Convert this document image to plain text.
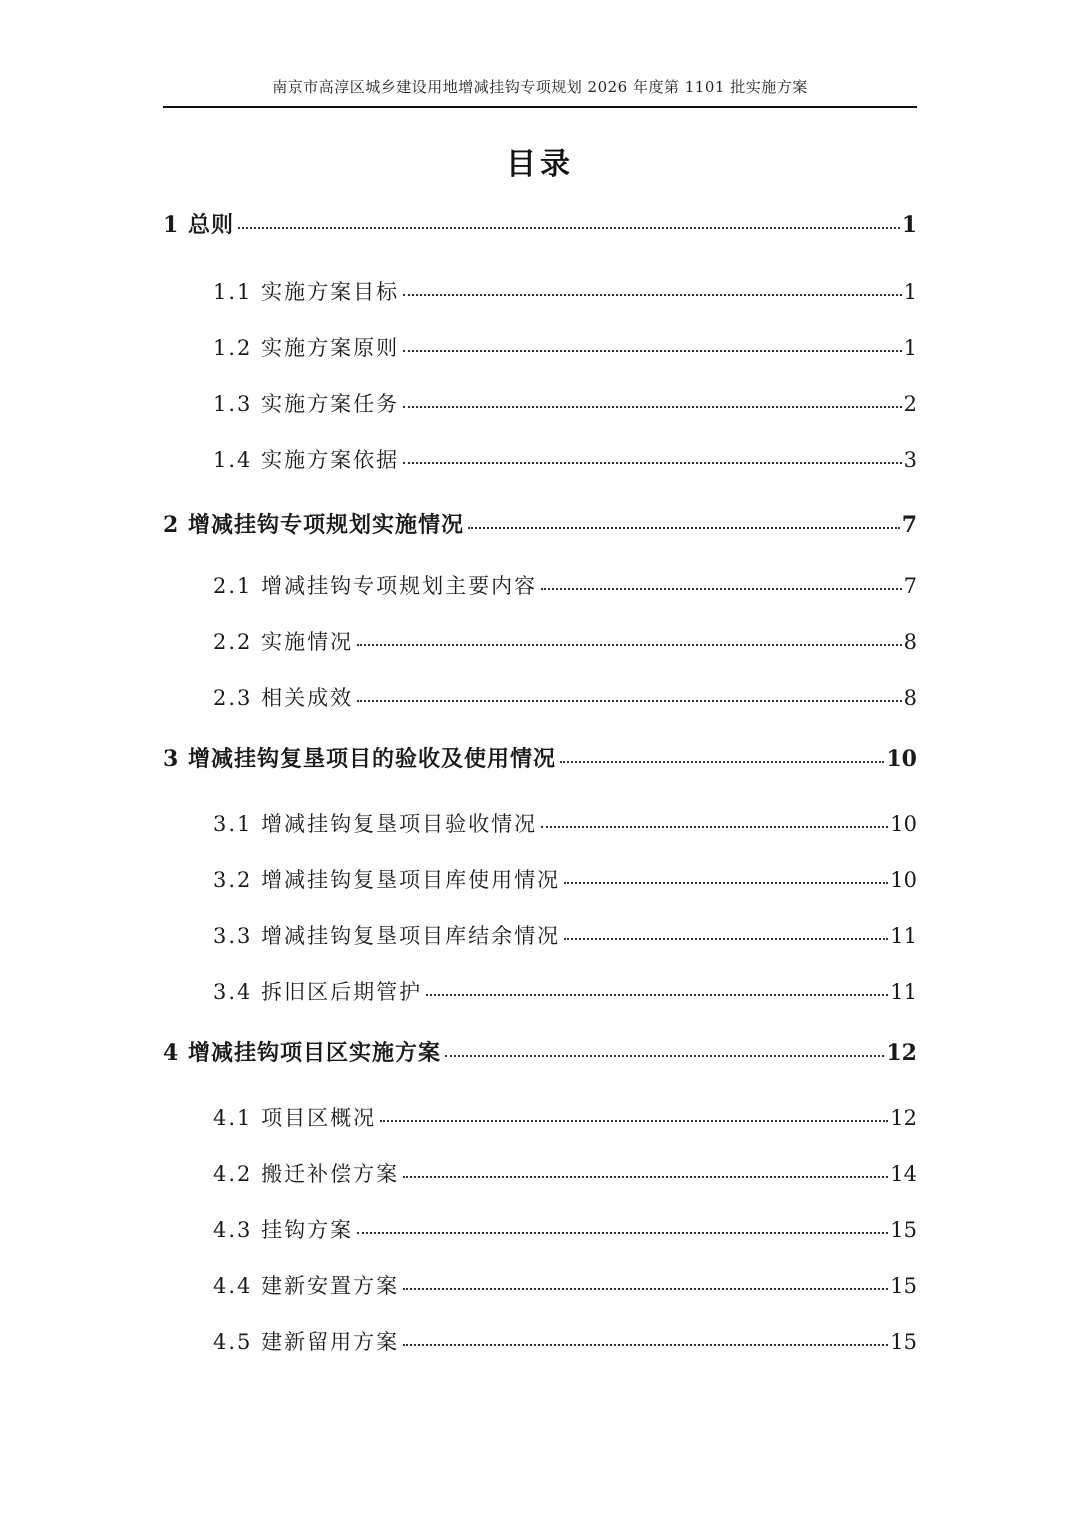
南京市高淳区城乡建设用地增减挂钩专项规划 2026 年度第 1101 批实施方案
目录
1 总则	1
1.1 实施方案目标	1
1.2 实施方案原则	1
1.3 实施方案任务	2
1.4 实施方案依据	3
2 增减挂钩专项规划实施情况	7
2.1 增减挂钩专项规划主要内容	7
2.2 实施情况	8
2.3 相关成效	8
3 增减挂钩复垦项目的验收及使用情况	10
3.1 增减挂钩复垦项目验收情况	10
3.2 增减挂钩复垦项目库使用情况	10
3.3 增减挂钩复垦项目库结余情况	11
3.4 拆旧区后期管护	11
4 增减挂钩项目区实施方案	12
4.1 项目区概况	12
4.2 搬迁补偿方案	14
4.3 挂钩方案	15
4.4 建新安置方案	15
4.5 建新留用方案	15
